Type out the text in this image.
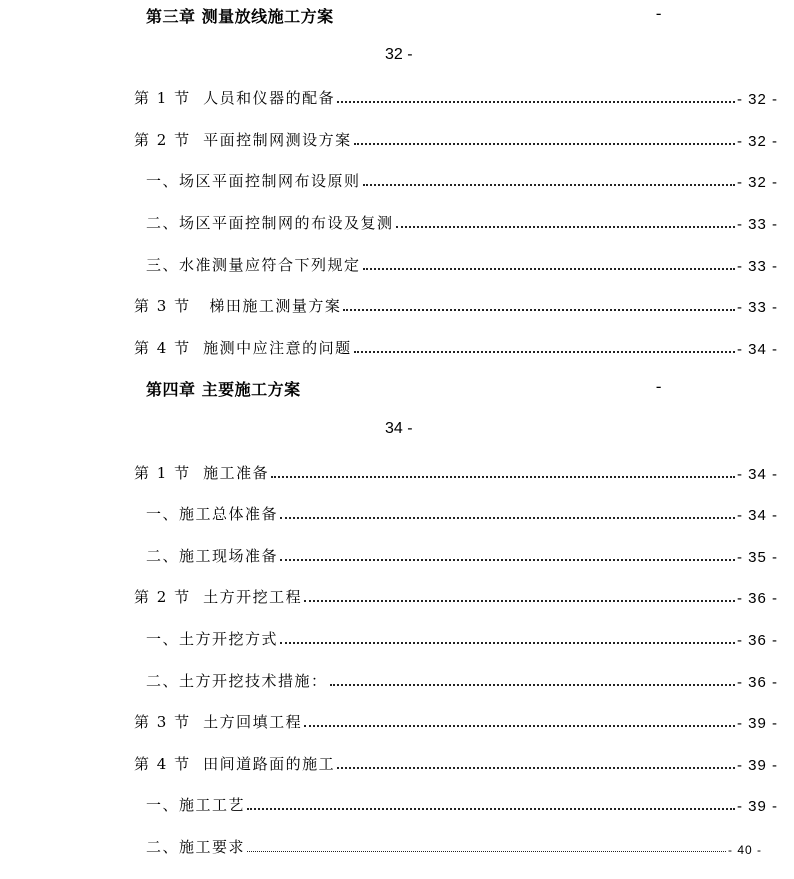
第三章 测量放线施工方案	-
32 -
第 1 节  人员和仪器的配备	- 32 -
第 2 节  平面控制网测设方案	- 32 -
一、场区平面控制网布设原则	- 32 -
二、场区平面控制网的布设及复测	- 33 -
三、水准测量应符合下列规定	- 33 -
第 3 节   梯田施工测量方案	- 33 -
第 4 节  施测中应注意的问题	- 34 -
第四章 主要施工方案	-
34 -
第 1 节  施工准备	- 34 -
一、施工总体准备	- 34 -
二、施工现场准备	- 35 -
第 2 节  土方开挖工程	- 36 -
一、土方开挖方式	- 36 -
二、土方开挖技术措施：	- 36 -
第 3 节  土方回填工程	- 39 -
第 4 节  田间道路面的施工	- 39 -
一、施工工艺	- 39 -
二、施工要求	- 40 -
